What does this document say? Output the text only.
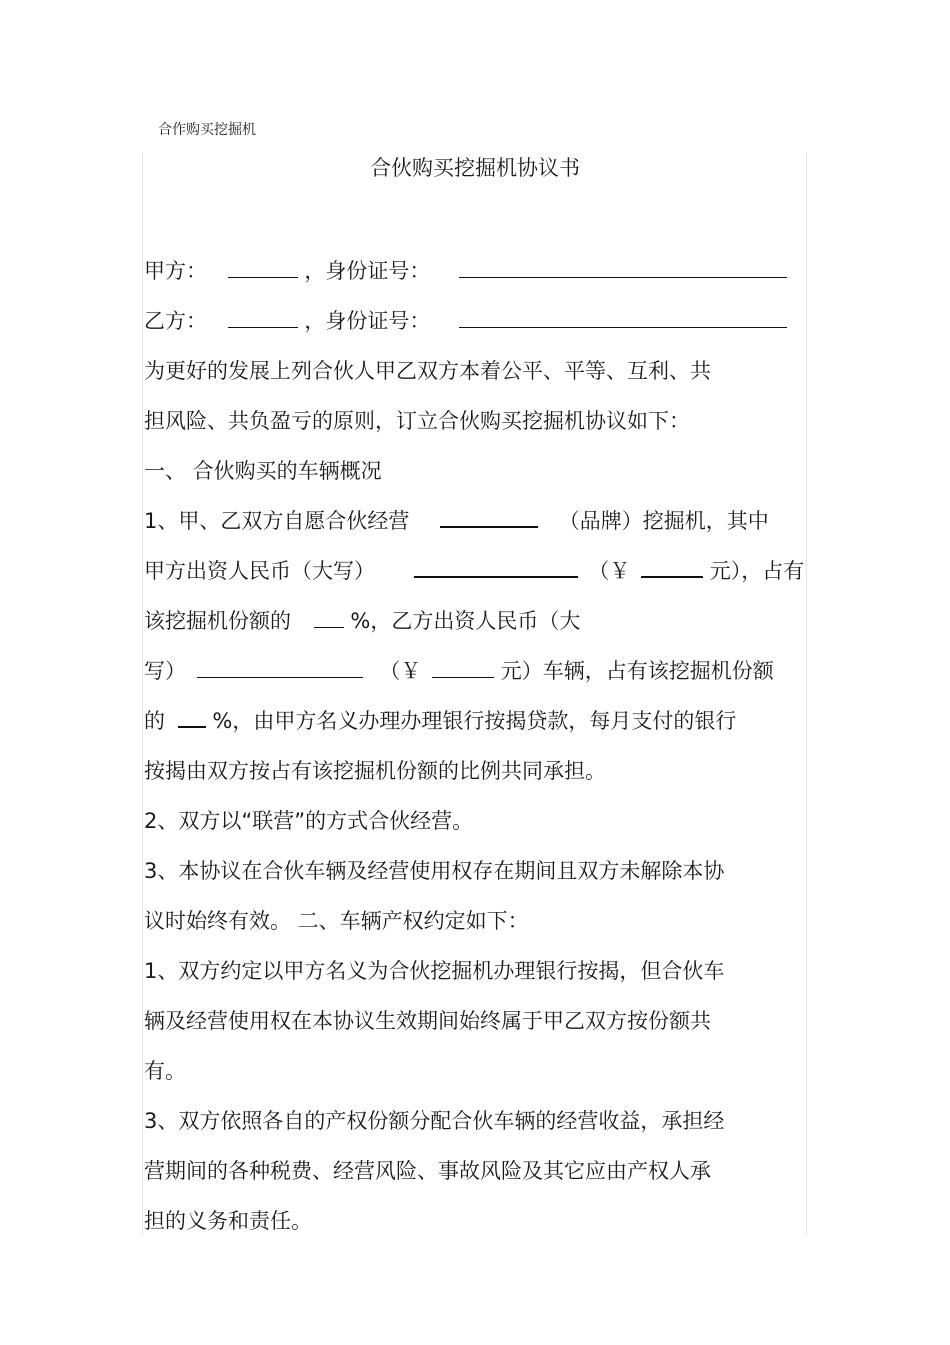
合作购买挖掘机
合伙购买挖掘机协议书
甲方：	，身份证号：
乙方：	，身份证号：
为更好的发展上列合伙人甲乙双方本着公平、平等、互利、共
担风险、共负盈亏的原则，订立合伙购买挖掘机协议如下：
一、 合伙购买的车辆概况
1、甲、乙双方自愿合伙经营	（品牌）挖掘机，其中
甲方出资人民币（大写）	（￥	元），占有
该挖掘机份额的	%，乙方出资人民币（大
写）	（￥	元）车辆，占有该挖掘机份额
的 %，由甲方名义办理办理银行按揭贷款，每月支付的银行
按揭由双方按占有该挖掘机份额的比例共同承担。
2、双方以“联营”的方式合伙经营。
3、本协议在合伙车辆及经营使用权存在期间且双方未解除本协
议时始终有效。 二、车辆产权约定如下：
1、双方约定以甲方名义为合伙挖掘机办理银行按揭，但合伙车
辆及经营使用权在本协议生效期间始终属于甲乙双方按份额共
有。
3、双方依照各自的产权份额分配合伙车辆的经营收益，承担经
营期间的各种税费、经营风险、事故风险及其它应由产权人承
担的义务和责任。
